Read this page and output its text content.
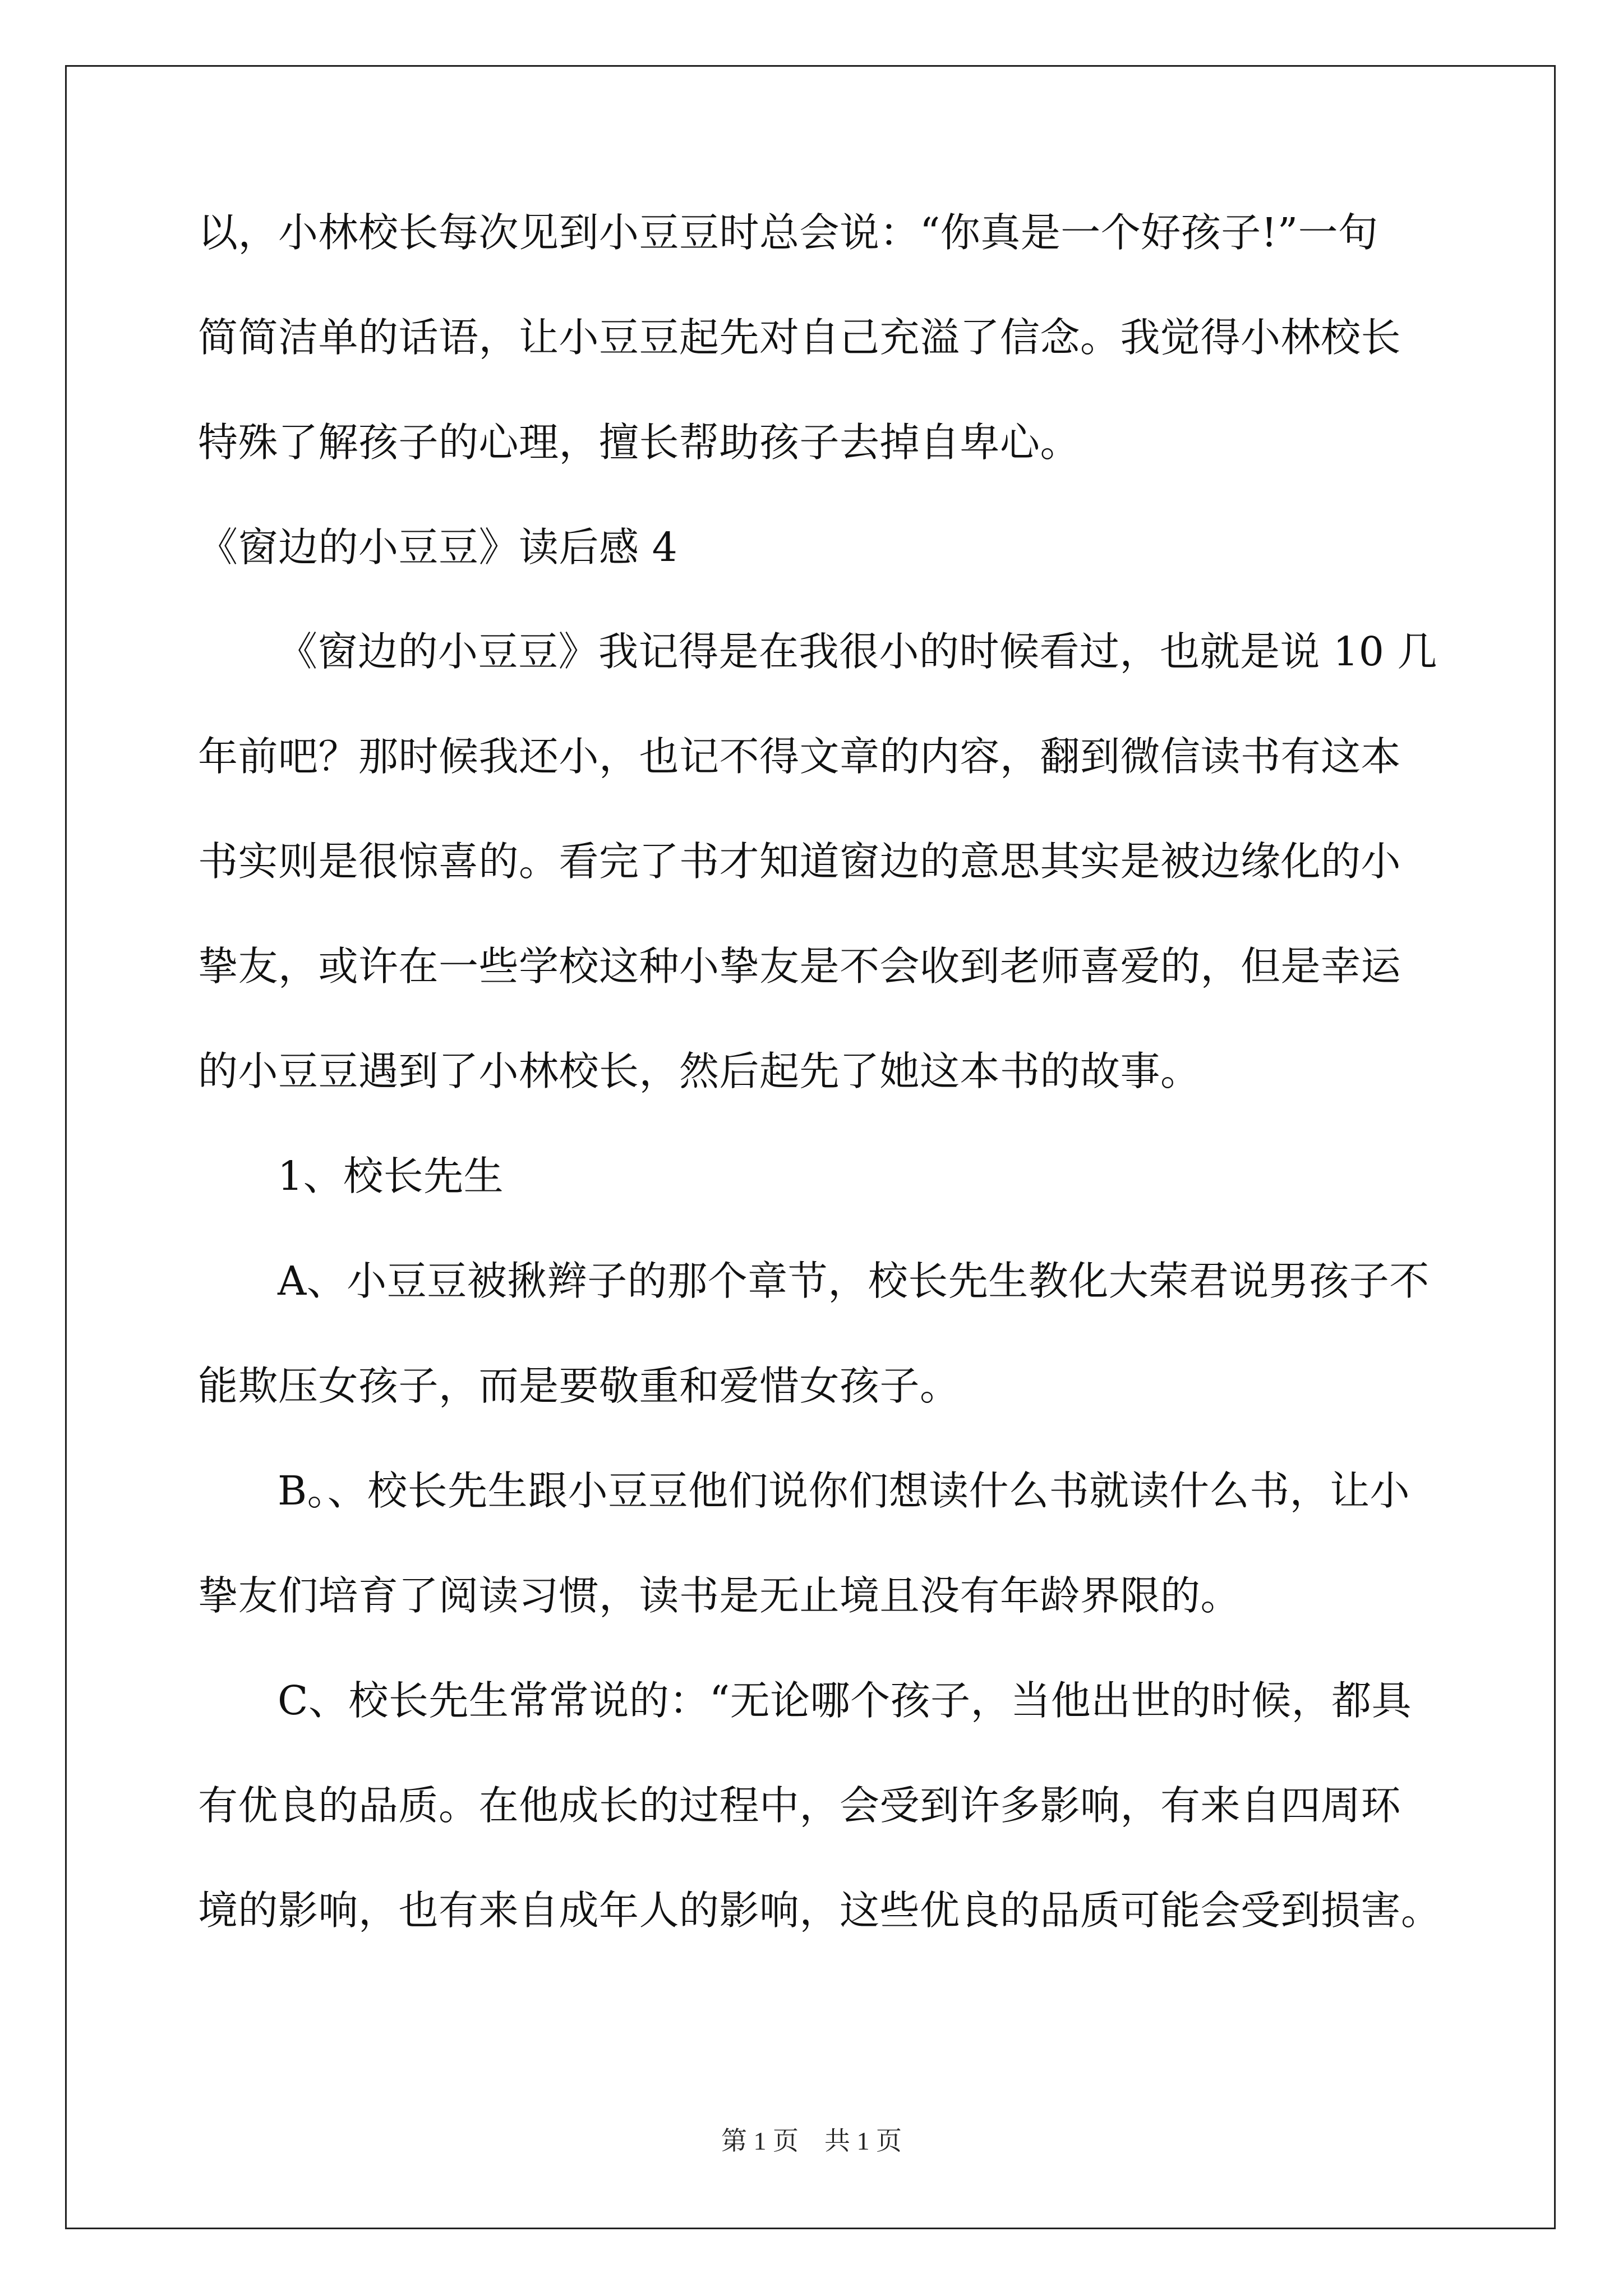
以，小林校长每次见到小豆豆时总会说：“你真是一个好孩子!”一句
简简洁单的话语，让小豆豆起先对自己充溢了信念。我觉得小林校长
特殊了解孩子的心理，擅长帮助孩子去掉自卑心。
《窗边的小豆豆》读后感 4
《窗边的小豆豆》我记得是在我很小的时候看过，也就是说 10 几
年前吧？那时候我还小，也记不得文章的内容，翻到微信读书有这本
书实则是很惊喜的。看完了书才知道窗边的意思其实是被边缘化的小
挚友，或许在一些学校这种小挚友是不会收到老师喜爱的，但是幸运
的小豆豆遇到了小林校长，然后起先了她这本书的故事。
1、校长先生
A、小豆豆被揪辫子的那个章节，校长先生教化大荣君说男孩子不
能欺压女孩子，而是要敬重和爱惜女孩子。
B。、校长先生跟小豆豆他们说你们想读什么书就读什么书，让小
挚友们培育了阅读习惯，读书是无止境且没有年龄界限的。
C、校长先生常常说的：“无论哪个孩子，当他出世的时候，都具
有优良的品质。在他成长的过程中，会受到许多影响，有来自四周环
境的影响，也有来自成年人的影响，这些优良的品质可能会受到损害。
第 1 页　共 1 页
